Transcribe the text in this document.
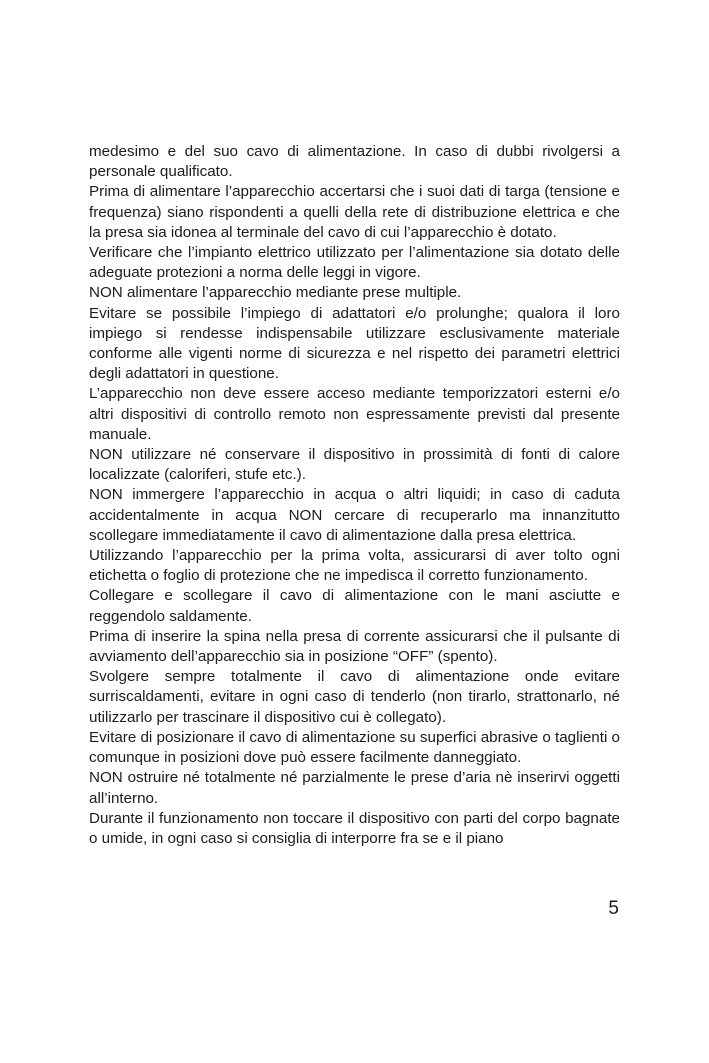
medesimo e del suo cavo di alimentazione. In caso di dubbi rivolgersi a personale qualificato.

Prima di alimentare l’apparecchio accertarsi che i suoi dati di targa (tensione e frequenza) siano rispondenti a quelli della rete di distribuzione elettrica e che la presa sia idonea al terminale del cavo di cui l’apparecchio è dotato.

Verificare che l’impianto elettrico utilizzato per l’alimentazione sia dotato delle adeguate protezioni a norma delle leggi in vigore.

NON alimentare l’apparecchio mediante prese multiple.

Evitare se possibile l’impiego di adattatori e/o prolunghe; qualora il loro impiego si rendesse indispensabile utilizzare esclusivamente materiale conforme alle vigenti norme di sicurezza e nel rispetto dei parametri elettrici degli adattatori in questione.

L’apparecchio non deve essere acceso mediante temporizzatori esterni e/o altri dispositivi di controllo remoto non espressamente previsti dal presente manuale.

NON utilizzare né conservare il dispositivo in prossimità di fonti di calore localizzate (caloriferi, stufe etc.).

NON immergere l’apparecchio in acqua o altri liquidi; in caso di caduta accidentalmente in acqua NON cercare di recuperarlo ma innanzitutto scollegare immediatamente il cavo di alimentazione dalla presa elettrica.

Utilizzando l’apparecchio per la prima volta, assicurarsi di aver tolto ogni etichetta o foglio di protezione che ne impedisca il corretto funzionamento.

Collegare e scollegare il cavo di alimentazione con le mani asciutte e reggendolo saldamente.

Prima di inserire la spina nella presa di corrente assicurarsi che il pulsante di avviamento dell’apparecchio sia in posizione “OFF” (spento).

Svolgere sempre totalmente il cavo di alimentazione onde evitare surriscaldamenti, evitare in ogni caso di tenderlo (non tirarlo, strattonarlo, né utilizzarlo per trascinare il dispositivo cui è collegato).

Evitare di posizionare il cavo di alimentazione su superfici abrasive o taglienti o comunque in posizioni dove può essere facilmente danneggiato.

NON ostruire né totalmente né parzialmente le prese d’aria nè inserirvi oggetti all’interno.

Durante il funzionamento non toccare il dispositivo con parti del corpo bagnate o umide, in ogni caso si consiglia di interporre fra se e il piano

5
